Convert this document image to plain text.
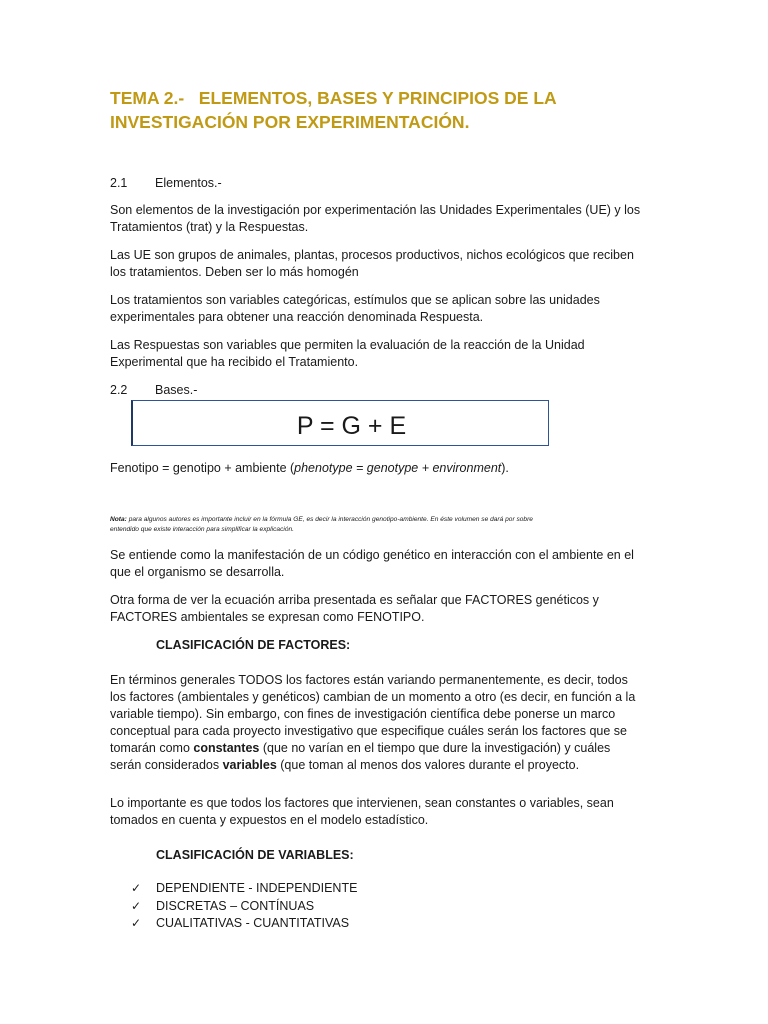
TEMA 2.-   ELEMENTOS, BASES Y PRINCIPIOS DE LA
INVESTIGACIÓN POR EXPERIMENTACIÓN.
2.1 Elementos.-

Son elementos de la investigación por experimentación las Unidades Experimentales (UE) y los
Tratamientos (trat) y la Respuestas.

Las UE son grupos de animales, plantas, procesos productivos, nichos ecológicos que reciben
los tratamientos. Deben ser lo más homogén

Los tratamientos son variables categóricas, estímulos que se aplican sobre las unidades
experimentales para obtener una reacción denominada Respuesta.

Las Respuestas son variables que permiten la evaluación de la reacción de la Unidad
Experimental que ha recibido el Tratamiento.

2.2 Bases.-
P = G + E

Fenotipo = genotipo + ambiente (phenotype = genotype + environment).

Nota: para algunos autores es importante incluir en la fórmula GE, es decir la interacción genotipo-ambiente. En éste volumen se dará por sobre
entendido que existe interacción para simplificar la explicación.

Se entiende como la manifestación de un código genético en interacción con el ambiente en el
que el organismo se desarrolla.

Otra forma de ver la ecuación arriba presentada es señalar que FACTORES genéticos y
FACTORES ambientales se expresan como FENOTIPO.

CLASIFICACIÓN DE FACTORES:

En términos generales TODOS los factores están variando permanentemente, es decir, todos
los factores (ambientales y genéticos) cambian de un momento a otro (es decir, en función a la
variable tiempo). Sin embargo, con fines de investigación científica debe ponerse un marco
conceptual para cada proyecto investigativo que especifique cuáles serán los factores que se
tomarán como constantes (que no varían en el tiempo que dure la investigación) y cuáles
serán considerados variables (que toman al menos dos valores durante el proyecto.

Lo importante es que todos los factores que intervienen, sean constantes o variables, sean
tomados en cuenta y expuestos en el modelo estadístico.

CLASIFICACIÓN DE VARIABLES:
✓ DEPENDIENTE - INDEPENDIENTE
✓ DISCRETAS – CONTÍNUAS
✓ CUALITATIVAS - CUANTITATIVAS
